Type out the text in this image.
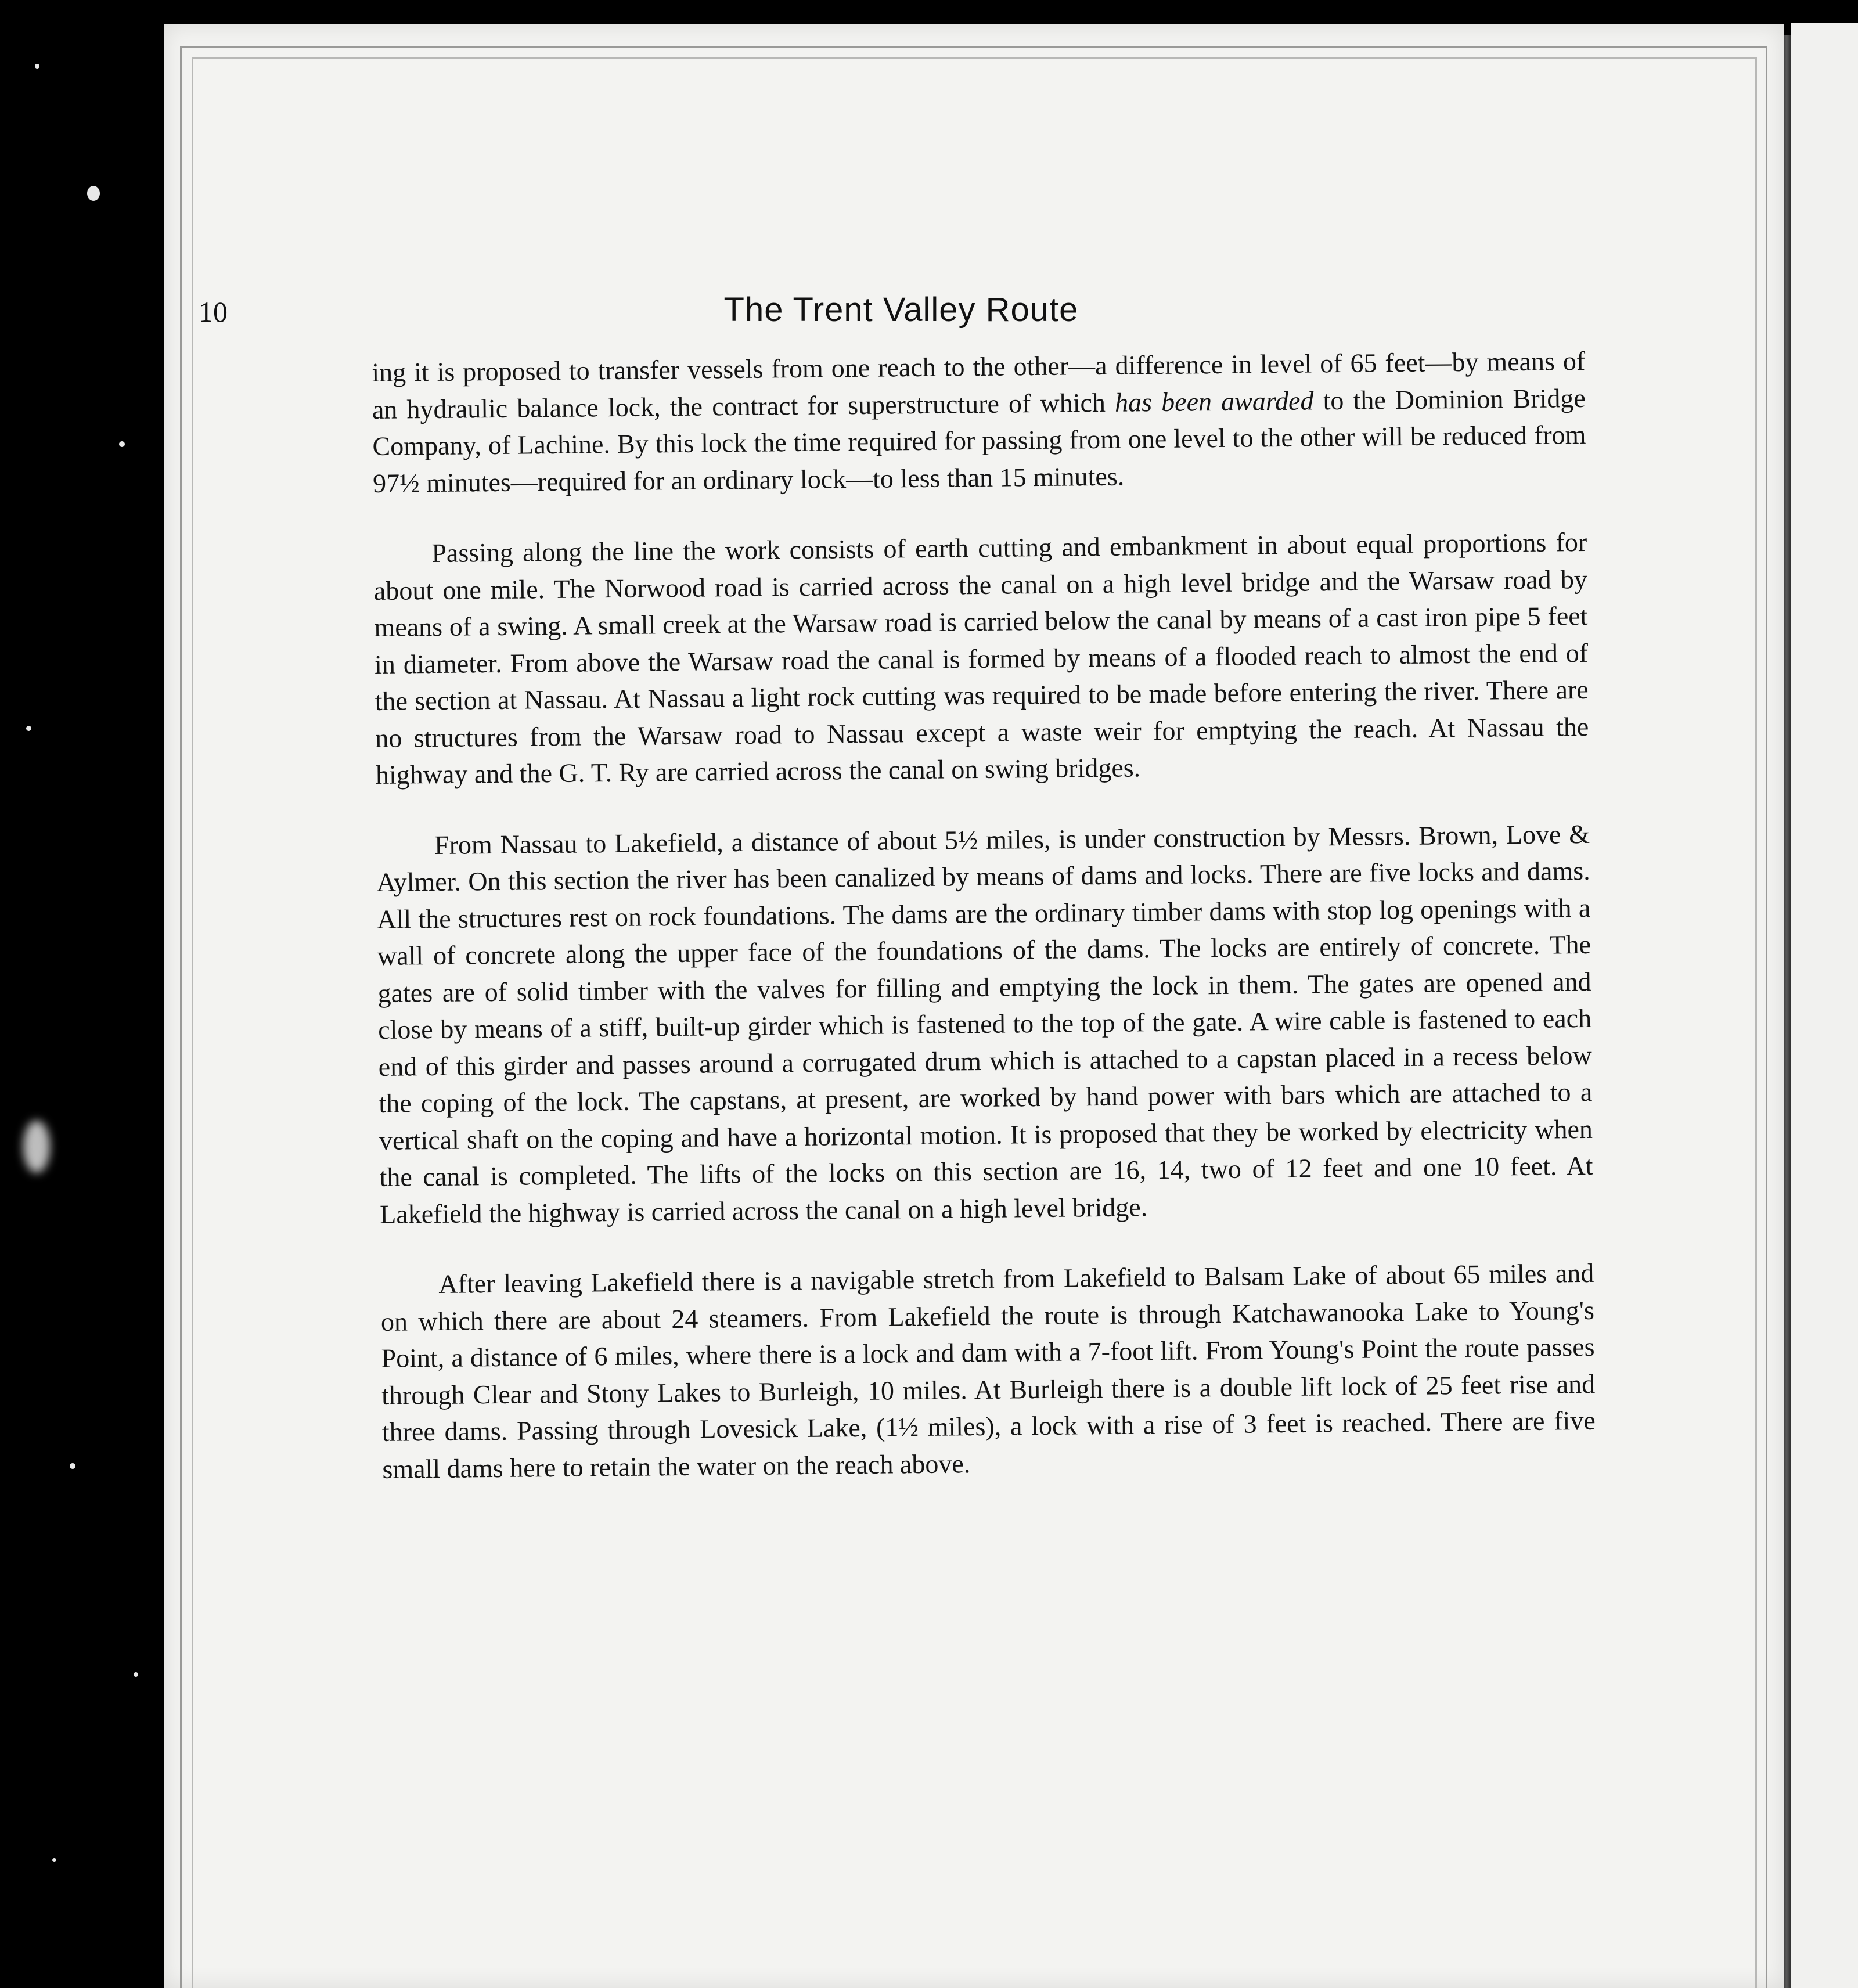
10	The Trent Valley Route

ing it is proposed to transfer vessels from one reach to the other—a difference in level of 65 feet—by means of an hydraulic balance lock, the contract for superstructure of which has been awarded to the Dominion Bridge Company, of Lachine. By this lock the time required for passing from one level to the other will be reduced from 97½ minutes—required for an ordinary lock—to less than 15 minutes.

Passing along the line the work consists of earth cutting and embankment in about equal proportions for about one mile. The Norwood road is carried across the canal on a high level bridge and the Warsaw road by means of a swing. A small creek at the Warsaw road is carried below the canal by means of a cast iron pipe 5 feet in diameter. From above the Warsaw road the canal is formed by means of a flooded reach to almost the end of the section at Nassau. At Nassau a light rock cutting was required to be made before entering the river. There are no structures from the Warsaw road to Nassau except a waste weir for emptying the reach. At Nassau the highway and the G. T. Ry are carried across the canal on swing bridges.

From Nassau to Lakefield, a distance of about 5½ miles, is under construction by Messrs. Brown, Love & Aylmer. On this section the river has been canalized by means of dams and locks. There are five locks and dams. All the structures rest on rock foundations. The dams are the ordinary timber dams with stop log openings with a wall of concrete along the upper face of the foundations of the dams. The locks are entirely of concrete. The gates are of solid timber with the valves for filling and emptying the lock in them. The gates are opened and close by means of a stiff, built-up girder which is fastened to the top of the gate. A wire cable is fastened to each end of this girder and passes around a corrugated drum which is attached to a capstan placed in a recess below the coping of the lock. The capstans, at present, are worked by hand power with bars which are attached to a vertical shaft on the coping and have a horizontal motion. It is proposed that they be worked by electricity when the canal is completed. The lifts of the locks on this section are 16, 14, two of 12 feet and one 10 feet. At Lakefield the highway is carried across the canal on a high level bridge.

After leaving Lakefield there is a navigable stretch from Lakefield to Balsam Lake of about 65 miles and on which there are about 24 steamers. From Lakefield the route is through Katchawanooka Lake to Young's Point, a distance of 6 miles, where there is a lock and dam with a 7-foot lift. From Young's Point the route passes through Clear and Stony Lakes to Burleigh, 10 miles. At Burleigh there is a double lift lock of 25 feet rise and three dams. Passing through Lovesick Lake, (1½ miles), a lock with a rise of 3 feet is reached. There are five small dams here to retain the water on the reach above.
